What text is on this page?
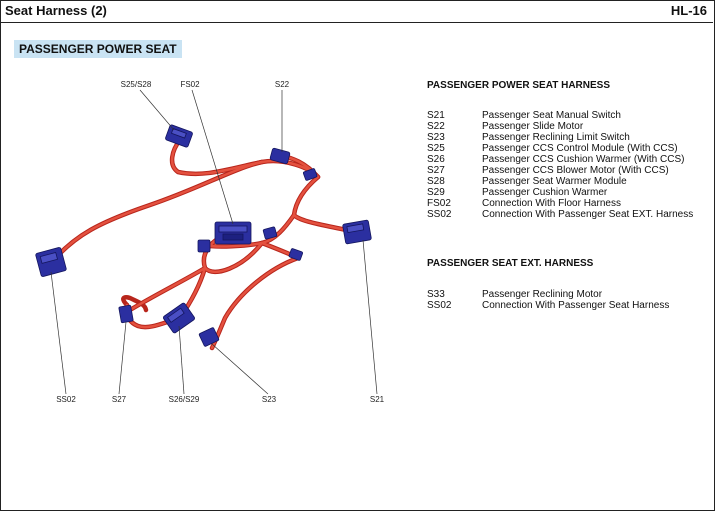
Seat Harness (2)	HL-16
PASSENGER POWER SEAT
S25/S28	FS02	S22
SS02	S27	S26/S29	S23	S21
PASSENGER POWER SEAT HARNESS
S21	Passenger Seat Manual Switch
S22	Passenger Slide Motor
S23	Passenger Reclining Limit Switch
S25	Passenger CCS Control Module (With CCS)
S26	Passenger CCS Cushion Warmer (With CCS)
S27	Passenger CCS Blower Motor (With CCS)
S28	Passenger Seat Warmer Module
S29	Passenger Cushion Warmer
FS02	Connection With Floor Harness
SS02	Connection With Passenger Seat EXT. Harness
PASSENGER SEAT EXT. HARNESS
S33	Passenger Reclining Motor
SS02	Connection With Passenger Seat Harness
